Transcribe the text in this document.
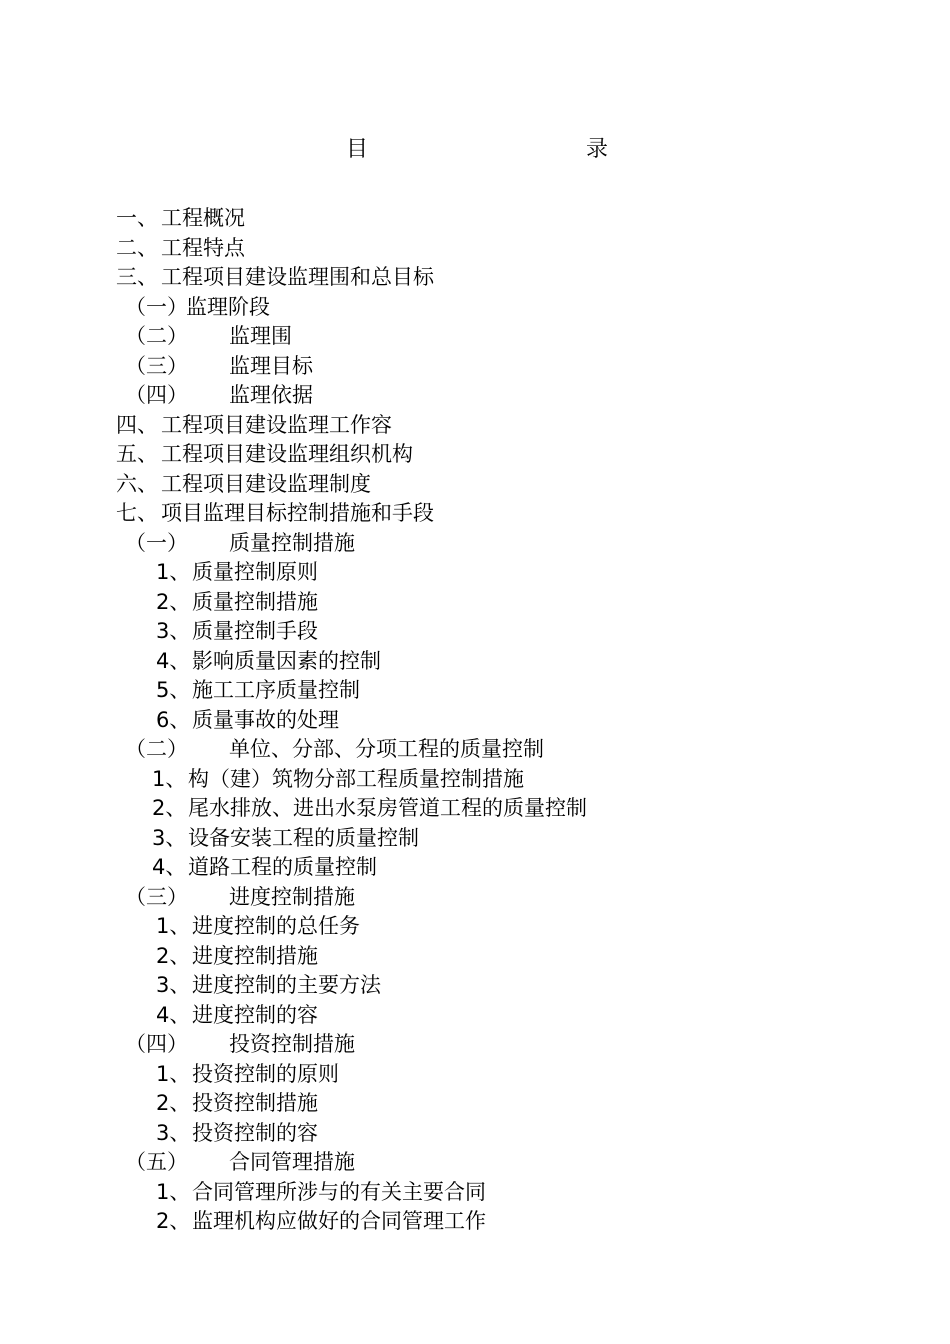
目	录
一、 工程概况
二、 工程特点
三、 工程项目建设监理围和总目标
（一）
监理阶段
（二） 监理围
（三） 监理目标
（四） 监理依据
四、 工程项目建设监理工作容
五、 工程项目建设监理组织机构
六、 工程项目建设监理制度
七、 项目监理目标控制措施和手段
（一） 质量控制措施
1、 质量控制原则
2、 质量控制措施
3、 质量控制手段
4、 影响质量因素的控制
5、 施工工序质量控制
6、 质量事故的处理
（二） 单位、分部、分项工程的质量控制
1、 构（建）筑物分部工程质量控制措施
2、 尾水排放、进出水泵房管道工程的质量控制
3、 设备安装工程的质量控制
4、 道路工程的质量控制
（三） 进度控制措施
1、 进度控制的总任务
2、 进度控制措施
3、 进度控制的主要方法
4、 进度控制的容
（四） 投资控制措施
1、 投资控制的原则
2、 投资控制措施
3、 投资控制的容
（五） 合同管理措施
1、 合同管理所涉与的有关主要合同
2、 监理机构应做好的合同管理工作
